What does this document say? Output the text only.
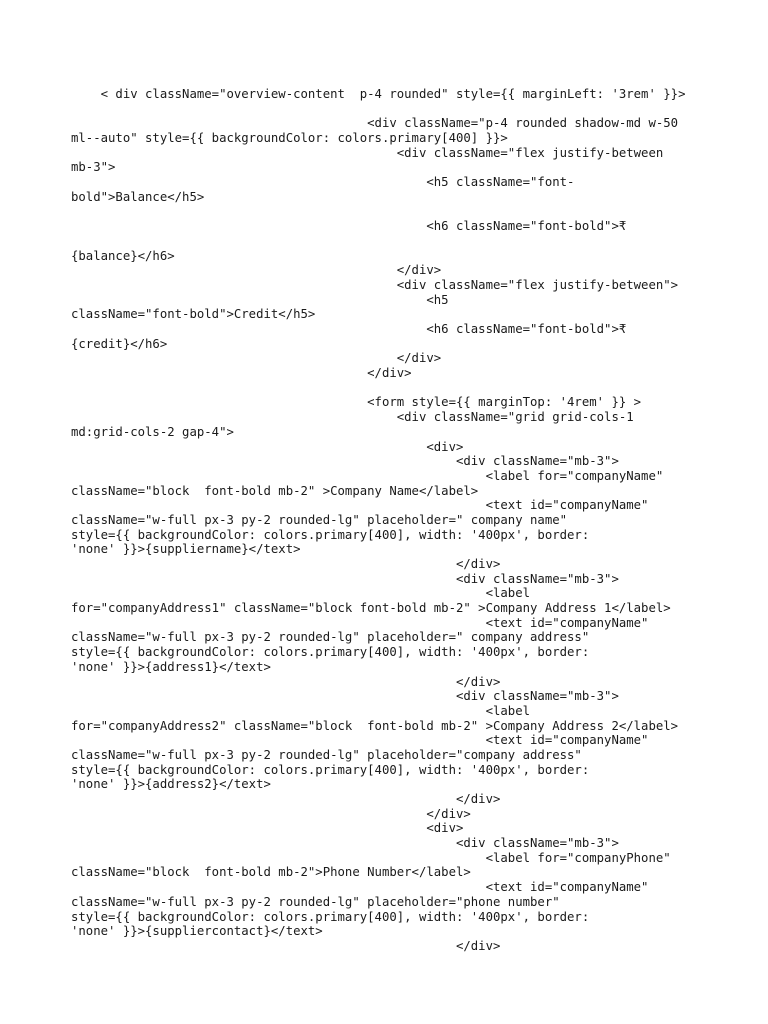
< div className="overview-content  p-4 rounded" style={{ marginLeft: '3rem' }}>
<div className="p-4 rounded shadow-md w-50
ml--auto" style={{ backgroundColor: colors.primary[400] }}>
<div className="flex justify-between
mb-3">
<h5 className="font-
bold">Balance</h5>
<h6 className="font-bold">₹
{balance}</h6>
</div>
<div className="flex justify-between">
<h5
className="font-bold">Credit</h5>
<h6 className="font-bold">₹
{credit}</h6>
</div>
</div>
<form style={{ marginTop: '4rem' }} >
<div className="grid grid-cols-1
md:grid-cols-2 gap-4">
<div>
<div className="mb-3">
<label for="companyName"
className="block  font-bold mb-2" >Company Name</label>
<text id="companyName"
className="w-full px-3 py-2 rounded-lg" placeholder=" company name"
style={{ backgroundColor: colors.primary[400], width: '400px', border:
'none' }}>{suppliername}</text>
</div>
<div className="mb-3">
<label
for="companyAddress1" className="block font-bold mb-2" >Company Address 1</label>
<text id="companyName"
className="w-full px-3 py-2 rounded-lg" placeholder=" company address"
style={{ backgroundColor: colors.primary[400], width: '400px', border:
'none' }}>{address1}</text>
</div>
<div className="mb-3">
<label
for="companyAddress2" className="block  font-bold mb-2" >Company Address 2</label>
<text id="companyName"
className="w-full px-3 py-2 rounded-lg" placeholder="company address"
style={{ backgroundColor: colors.primary[400], width: '400px', border:
'none' }}>{address2}</text>
</div>
</div>
<div>
<div className="mb-3">
<label for="companyPhone"
className="block  font-bold mb-2">Phone Number</label>
<text id="companyName"
className="w-full px-3 py-2 rounded-lg" placeholder="phone number"
style={{ backgroundColor: colors.primary[400], width: '400px', border:
'none' }}>{suppliercontact}</text>
</div>
